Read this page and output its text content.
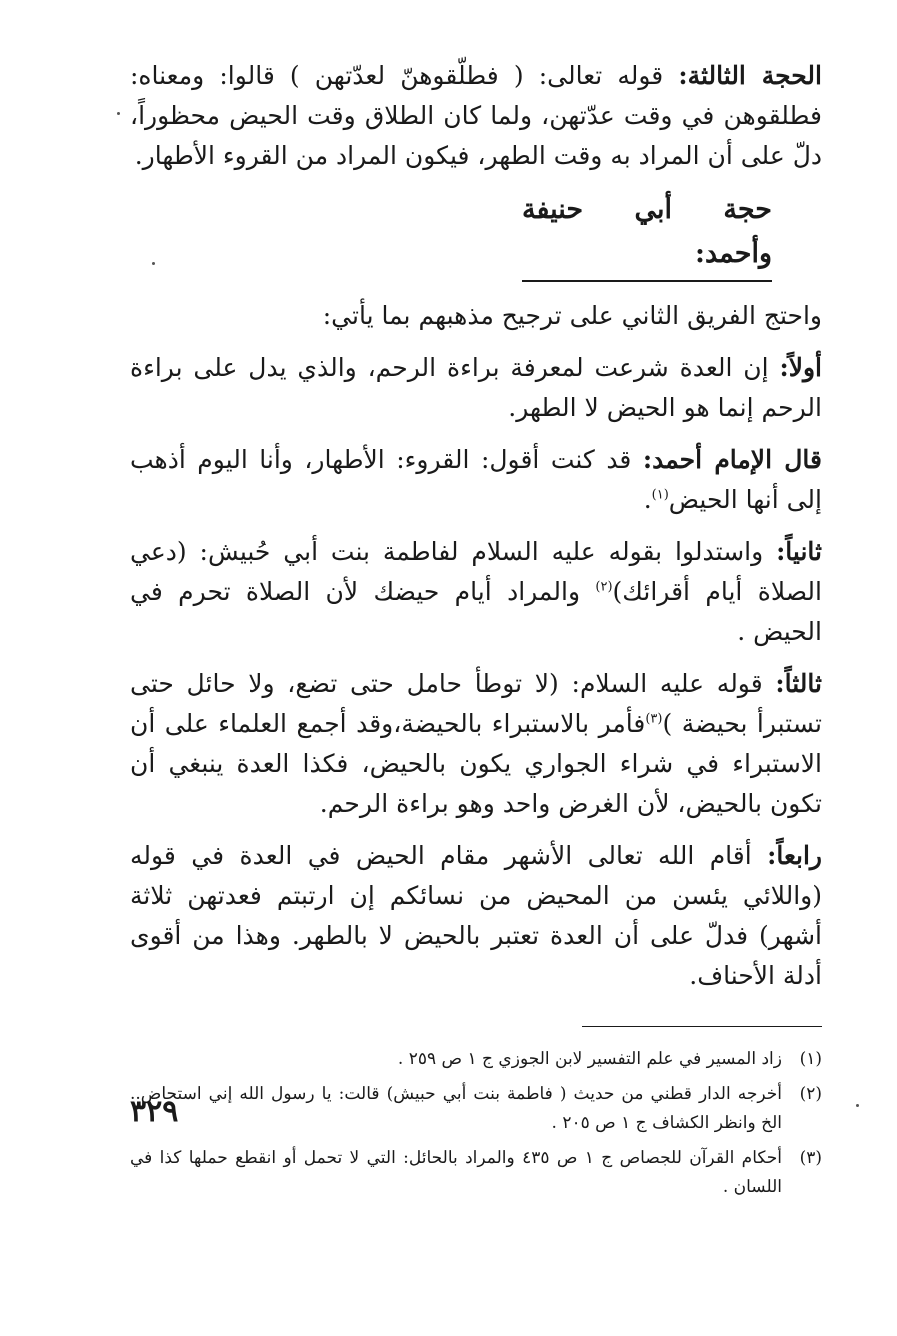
الحجة الثالثة: قوله تعالى: ( فطلّقوهنّ لعدّتهن ) قالوا: ومعناه: فطلقوهن في وقت عدّتهن، ولما كان الطلاق وقت الحيض محظوراً، دلّ على أن المراد به وقت الطهر، فيكون المراد من القروء الأطهار.

حجة أبي حنيفة وأحمد:

واحتج الفريق الثاني على ترجيح مذهبهم بما يأتي:

أولاً: إن العدة شرعت لمعرفة براءة الرحم، والذي يدل على براءة الرحم إنما هو الحيض لا الطهر.

قال الإمام أحمد: قد كنت أقول: القروء: الأطهار، وأنا اليوم أذهب إلى أنها الحيض$^{(١)}$.

ثانياً: واستدلوا بقوله عليه السلام لفاطمة بنت أبي حُبيش: (دعي الصلاة أيام أقرائك)$^{(٢)}$ والمراد أيام حيضك لأن الصلاة تحرم في الحيض .

ثالثاً: قوله عليه السلام: (لا توطأ حامل حتى تضع، ولا حائل حتى تستبرأ بحيضة )$^{(٣)}$فأمر بالاستبراء بالحيضة،وقد أجمع العلماء على أن الاستبراء في شراء الجواري يكون بالحيض، فكذا العدة ينبغي أن تكون بالحيض، لأن الغرض واحد وهو براءة الرحم.

رابعاً: أقام الله تعالى الأشهر مقام الحيض في العدة في قوله (واللائي يئسن من المحيض من نسائكم إن ارتبتم فعدتهن ثلاثة أشهر) فدلّ على أن العدة تعتبر بالحيض لا بالطهر. وهذا من أقوى أدلة الأحناف.

(١)
زاد المسير في علم التفسير لابن الجوزي ج ١ ص ٢٥٩ .
(٢)
أخرجه الدار قطني من حديث ( فاطمة بنت أبي حبيش) قالت: يا رسول الله إني استحاض.. الخ وانظر الكشاف ج ١ ص ٢٠٥ .
(٣)
أحكام القرآن للجصاص ج ١ ص ٤٣٥ والمراد بالحائل: التي لا تحمل أو انقطع حملها كذا في اللسان .
٣٢٩
